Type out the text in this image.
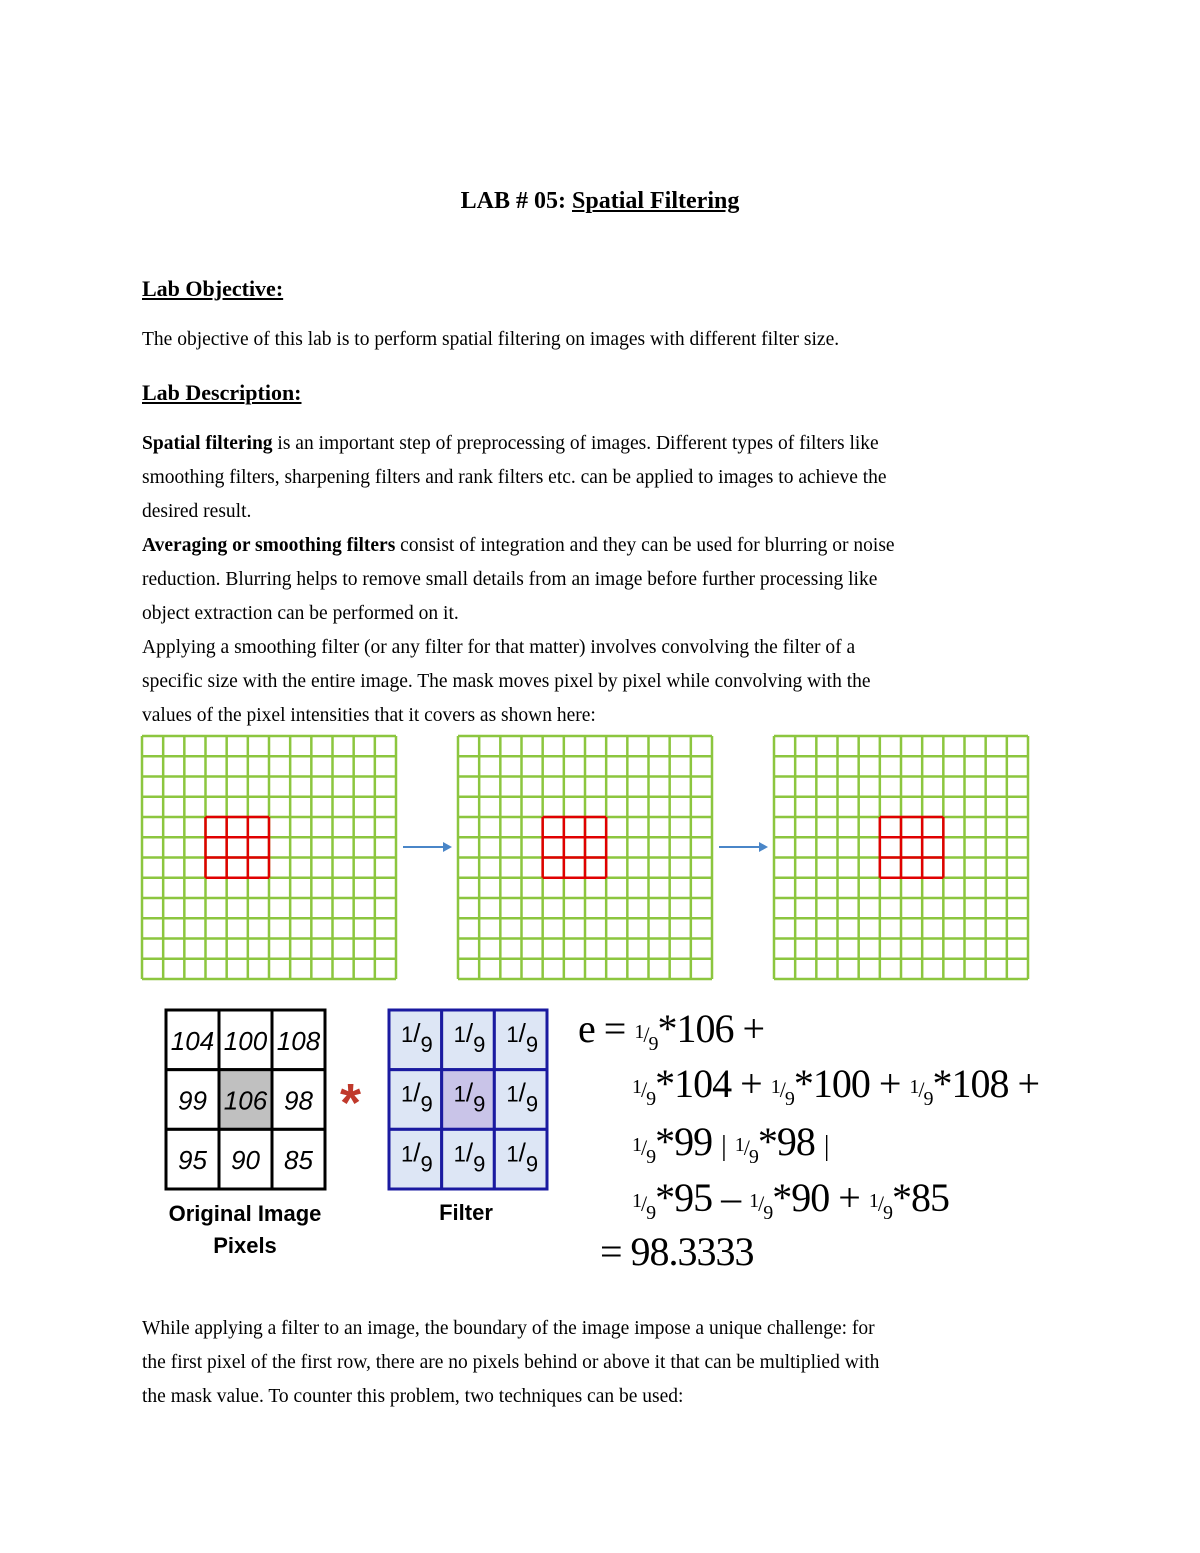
LAB # 05: Spatial Filtering
Lab Objective:
The objective of this lab is to perform spatial filtering on images with different filter size.
Lab Description:
Spatial filtering is an important step of preprocessing of images. Different types of filters like
smoothing filters, sharpening filters and rank filters etc. can be applied to images to achieve the
desired result.
Averaging or smoothing filters consist of integration and they can be used for blurring or noise
reduction. Blurring helps to remove small details from an image before further processing like
object extraction can be performed on it.
Applying a smoothing filter (or any filter for that matter) involves convolving the filter of a
specific size with the entire image. The mask moves pixel by pixel while convolving with the
values of the pixel intensities that it covers as shown here:
104 100 108
99 106 98
95 90 85
Original Image
Pixels
*
1/9 1/9 1/9
1/9 1/9 1/9
1/9 1/9 1/9
Filter
$e = ^1/_9*106$ +
$^1/_9*104 + ^1/_9*100 + ^1/_9*108$ +
$^1/_9*99$ | $^1/_9*98$ |
$^1/_9*95 - ^1/_9*90 + ^1/_9*85$
= 98.3333
While applying a filter to an image, the boundary of the image impose a unique challenge: for
the first pixel of the first row, there are no pixels behind or above it that can be multiplied with
the mask value. To counter this problem, two techniques can be used:
